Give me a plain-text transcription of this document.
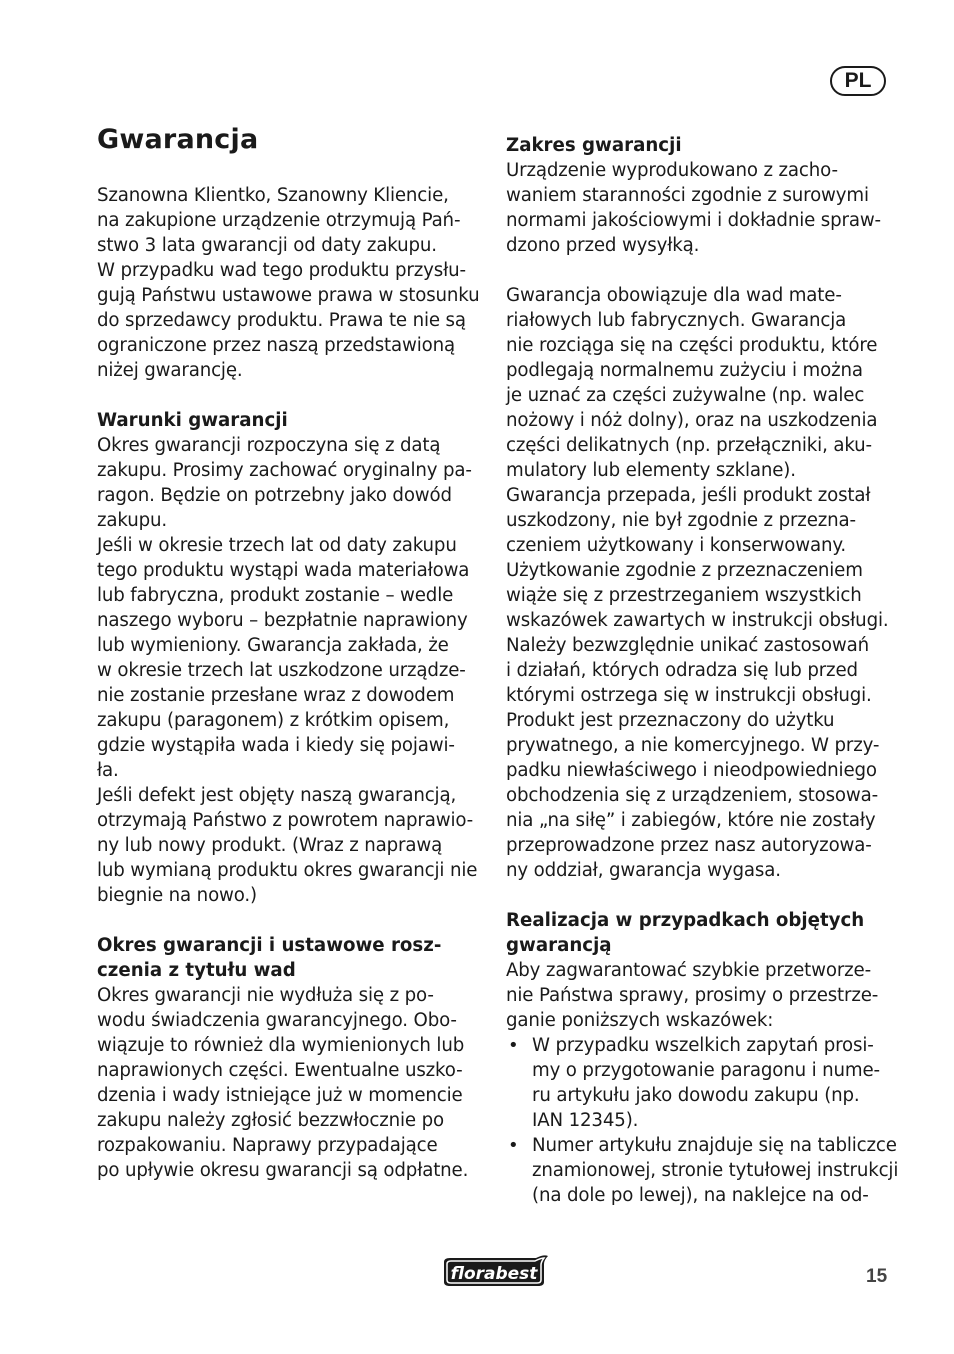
PL
Gwarancja
Szanowna Klientko, Szanowny Kliencie,
na zakupione urządzenie otrzymują Pań-
stwo 3 lata gwarancji od daty zakupu.
W przypadku wad tego produktu przysłu-
gują Państwu ustawowe prawa w stosunku
do sprzedawcy produktu. Prawa te nie są
ograniczone przez naszą przedstawioną
niżej gwarancję.
Warunki gwarancji
Okres gwarancji rozpoczyna się z datą
zakupu. Prosimy zachować oryginalny pa-
ragon. Będzie on potrzebny jako dowód
zakupu.
Jeśli w okresie trzech lat od daty zakupu
tego produktu wystąpi wada materiałowa
lub fabryczna, produkt zostanie – wedle
naszego wyboru – bezpłatnie naprawiony
lub wymieniony. Gwarancja zakłada, że
w okresie trzech lat uszkodzone urządze-
nie zostanie przesłane wraz z dowodem
zakupu (paragonem) z krótkim opisem,
gdzie wystąpiła wada i kiedy się pojawi-
ła.
Jeśli defekt jest objęty naszą gwarancją,
otrzymają Państwo z powrotem naprawio-
ny lub nowy produkt. (Wraz z naprawą
lub wymianą produktu okres gwarancji nie
biegnie na nowo.)
Okres gwarancji i ustawowe rosz-
czenia z tytułu wad
Okres gwarancji nie wydłuża się z po-
wodu świadczenia gwarancyjnego. Obo-
wiązuje to również dla wymienionych lub
naprawionych części. Ewentualne uszko-
dzenia i wady istniejące już w momencie
zakupu należy zgłosić bezzwłocznie po
rozpakowaniu. Naprawy przypadające
po upływie okresu gwarancji są odpłatne.
Zakres gwarancji
Urządzenie wyprodukowano z zacho-
waniem staranności zgodnie z surowymi
normami jakościowymi i dokładnie spraw-
dzono przed wysyłką.
Gwarancja obowiązuje dla wad mate-
riałowych lub fabrycznych. Gwarancja
nie rozciąga się na części produktu, które
podlegają normalnemu zużyciu i można
je uznać za części zużywalne (np. walec
nożowy i nóż dolny), oraz na uszkodzenia
części delikatnych (np. przełączniki, aku-
mulatory lub elementy szklane).
Gwarancja przepada, jeśli produkt został
uszkodzony, nie był zgodnie z przezna-
czeniem użytkowany i konserwowany.
Użytkowanie zgodnie z przeznaczeniem
wiąże się z przestrzeganiem wszystkich
wskazówek zawartych w instrukcji obsługi.
Należy bezwzględnie unikać zastosowań
i działań, których odradza się lub przed
którymi ostrzega się w instrukcji obsługi.
Produkt jest przeznaczony do użytku
prywatnego, a nie komercyjnego. W przy-
padku niewłaściwego i nieodpowiedniego
obchodzenia się z urządzeniem, stosowa-
nia „na siłę” i zabiegów, które nie zostały
przeprowadzone przez nasz autoryzowa-
ny oddział, gwarancja wygasa.
Realizacja w przypadkach objętych
gwarancją
Aby zagwarantować szybkie przetworze-
nie Państwa sprawy, prosimy o przestrze-
ganie poniższych wskazówek:
• W przypadku wszelkich zapytań prosi-
my o przygotowanie paragonu i nume-
ru artykułu jako dowodu zakupu (np.
IAN 12345).
• Numer artykułu znajduje się na tabliczce
znamionowej, stronie tytułowej instrukcji
(na dole po lewej), na naklejce na od-
florabest	15
